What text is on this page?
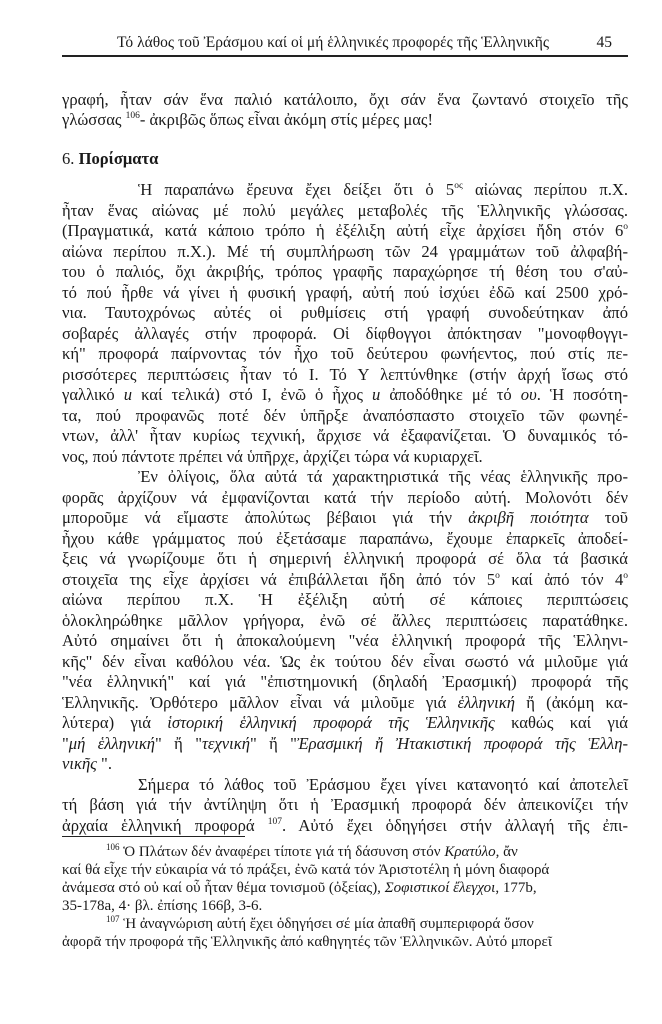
Τό λάθος τοῦ Ἐράσμου καί οἱ μή ἑλληνικές προφορές τῆς Ἑλληνικῆς	45
γραφή, ἦταν σάν ἕνα παλιό κατάλοιπο, ὄχι σάν ἕνα ζωντανό στοιχεῖο τῆς
γλώσσας $^{106}$- ἀκριβῶς ὅπως εἶναι ἀκόμη στίς μέρες μας!
6. Πορίσματα
Ἡ παραπάνω ἔρευνα ἔχει δείξει ὅτι ὁ $5^{o\varsigma}$ αἰώνας περίπου π.Χ.
ἦταν ἕνας αἰώνας μέ πολύ μεγάλες μεταβολές τῆς Ἑλληνικῆς γλώσσας.
(Πραγματικά, κατά κάποιο τρόπο ἡ ἐξέλιξη αὐτή εἶχε ἀρχίσει ἤδη στόν $6^o$
αἰώνα περίπου π.Χ.). Μέ τή συμπλήρωση τῶν 24 γραμμάτων τοῦ ἀλφαβή-
του ὁ παλιός, ὄχι ἀκριβής, τρόπος γραφῆς παραχώρησε τή θέση του σ'αὐ-
τό πού ἦρθε νά γίνει ἡ φυσική γραφή, αὐτή πού ἰσχύει ἐδῶ καί 2500 χρό-
νια. Ταυτοχρόνως αὐτές οἱ ρυθμίσεις στή γραφή συνοδεύτηκαν ἀπό
σοβαρές ἀλλαγές στήν προφορά. Οἱ δίφθογγοι ἀπόκτησαν "μονοφθογγι-
κή" προφορά παίρνοντας τόν ἦχο τοῦ δεύτερου φωνήεντος, πού στίς πε-
ρισσότερες περιπτώσεις ἦταν τό Ι. Τό Υ λεπτύνθηκε (στήν ἀρχή ἴσως στό
γαλλικό u καί τελικά) στό Ι, ἐνῶ ὁ ἦχος u ἀποδόθηκε μέ τό ου. Ἡ ποσότη-
τα, πού προφανῶς ποτέ δέν ὑπῆρξε ἀναπόσπαστο στοιχεῖο τῶν φωνηέ-
ντων, ἀλλ' ἦταν κυρίως τεχνική, ἄρχισε νά ἐξαφανίζεται. Ὁ δυναμικός τό-
νος, πού πάντοτε πρέπει νά ὑπῆρχε, ἀρχίζει τώρα νά κυριαρχεῖ.
Ἐν ὀλίγοις, ὅλα αὐτά τά χαρακτηριστικά τῆς νέας ἑλληνικῆς προ-
φορᾶς ἀρχίζουν νά ἐμφανίζονται κατά τήν περίοδο αὐτή. Μολονότι δέν
μποροῦμε νά εἴμαστε ἀπολύτως βέβαιοι γιά τήν ἀκριβῆ ποιότητα τοῦ
ἦχου κάθε γράμματος πού ἐξετάσαμε παραπάνω, ἔχουμε ἐπαρκεῖς ἀποδεί-
ξεις νά γνωρίζουμε ὅτι ἡ σημερινή ἑλληνική προφορά σέ ὅλα τά βασικά
στοιχεῖα της εἶχε ἀρχίσει νά ἐπιβάλλεται ἤδη ἀπό τόν $5^o$ καί ἀπό τόν $4^o$
αἰώνα περίπου π.Χ. Ἡ ἐξέλιξη αὐτή σέ κάποιες περιπτώσεις
ὁλοκληρώθηκε μᾶλλον γρήγορα, ἐνῶ σέ ἄλλες περιπτώσεις παρατάθηκε.
Αὐτό σημαίνει ὅτι ἡ ἀποκαλούμενη "νέα ἑλληνική προφορά τῆς Ἑλληνι-
κῆς" δέν εἶναι καθόλου νέα. Ὡς ἐκ τούτου δέν εἶναι σωστό νά μιλοῦμε γιά
"νέα ἑλληνική" καί γιά "ἐπιστημονική (δηλαδή Ἐρασμική) προφορά τῆς
Ἑλληνικῆς. Ὀρθότερο μᾶλλον εἶναι νά μιλοῦμε γιά ἑλληνική ἤ (ἀκόμη κα-
λύτερα) γιά ἱστορική ἑλληνική προφορά τῆς Ἑλληνικῆς καθώς καί γιά
"μή ἑλληνική" ἤ "τεχνική" ἤ "Ἐρασμική ἤ Ἠτακιστική προφορά τῆς Ἑλλη-
νικῆς ".
Σήμερα τό λάθος τοῦ Ἐράσμου ἔχει γίνει κατανοητό καί ἀποτελεῖ
τή βάση γιά τήν ἀντίληψη ὅτι ἡ Ἐρασμική προφορά δέν ἀπεικονίζει τήν
ἀρχαία ἑλληνική προφορά $^{107}$. Αὐτό ἔχει ὁδηγήσει στήν ἀλλαγή τῆς ἐπι-
$^{106}$ Ὁ Πλάτων δέν ἀναφέρει τίποτε γιά τή δάσυνση στόν Κρατύλο, ἄν
καί θά εἶχε τήν εὐκαιρία νά τό πράξει, ἐνῶ κατά τόν Ἀριστοτέλη ἡ μόνη διαφορά
ἀνάμεσα στό οὐ καί οὗ ἦταν θέμα τονισμοῦ (ὀξείας), Σοφιστικοί ἔλεγχοι, 177b,
35-178a, 4· βλ. ἐπίσης 166β, 3-6.
$^{107}$ Ἡ ἀναγνώριση αὐτή ἔχει ὁδηγήσει σέ μία ἀπαθῆ συμπεριφορά ὅσον
ἀφορᾶ τήν προφορά τῆς Ἑλληνικῆς ἀπό καθηγητές τῶν Ἑλληνικῶν. Αὐτό μπορεῖ
